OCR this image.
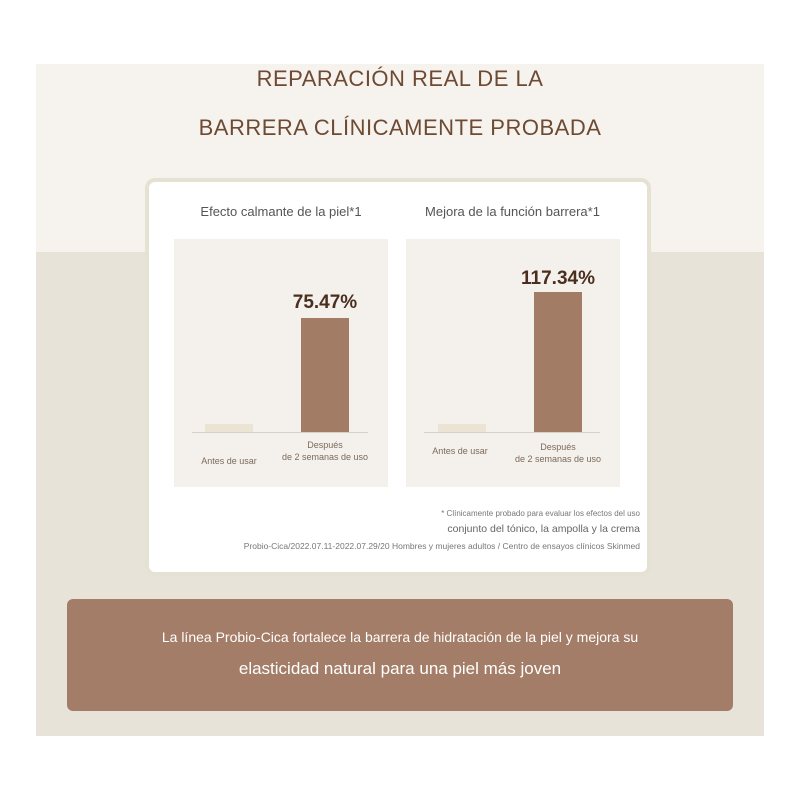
REPARACIÓN REAL DE LA
BARRERA CLÍNICAMENTE PROBADA
Efecto calmante de la piel*1
75.47%
Antes de usar
Después
de 2 semanas de uso
Mejora de la función barrera*1
117.34%
Antes de usar	Después
de 2 semanas de uso
* Clínicamente probado para evaluar los efectos del uso
conjunto del tónico, la ampolla y la crema
Probio-Cica/2022.07.11-2022.07.29/20 Hombres y mujeres adultos / Centro de ensayos clínicos Skinmed
La línea Probio-Cica fortalece la barrera de hidratación de la piel y mejora su
elasticidad natural para una piel más joven
